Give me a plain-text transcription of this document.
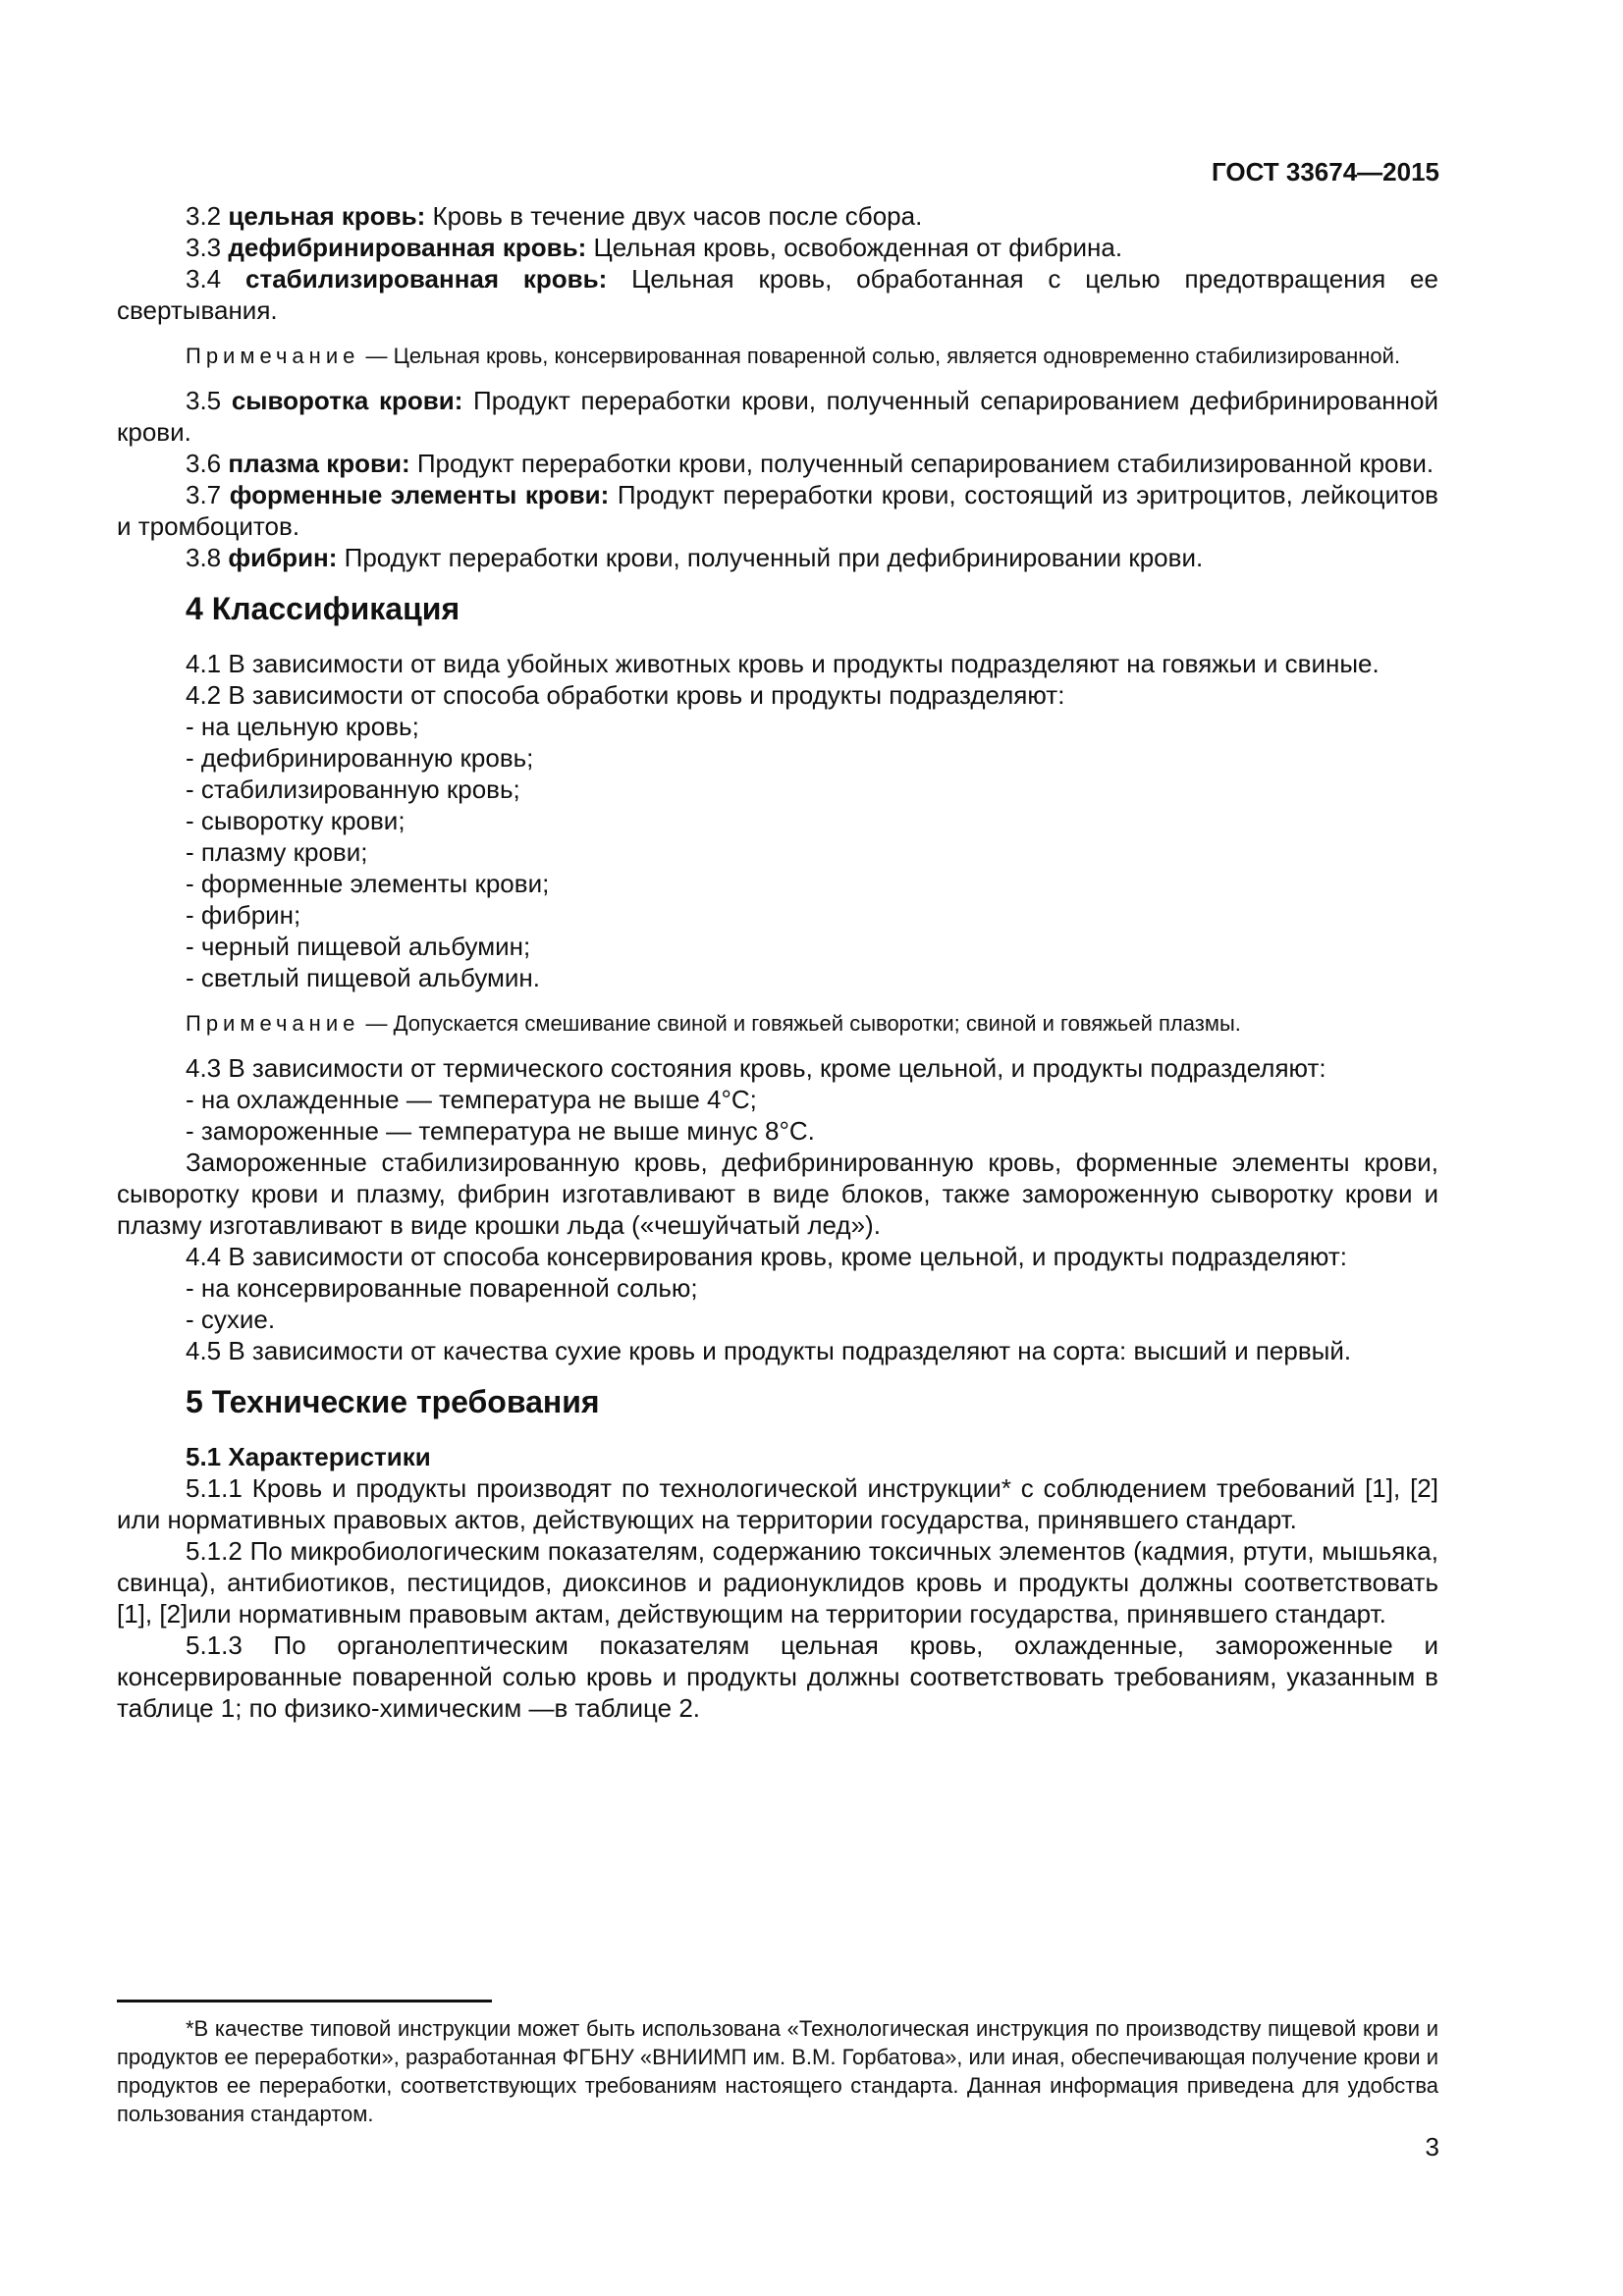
ГОСТ 33674—2015

3.2 цельная кровь: Кровь в течение двух часов после сбора.

3.3 дефибринированная кровь: Цельная кровь, освобожденная от фибрина.

3.4 стабилизированная кровь: Цельная кровь, обработанная с целью предотвращения ее свертывания.

Примечание — Цельная кровь, консервированная поваренной солью, является одновременно стабилизированной.

3.5 сыворотка крови: Продукт переработки крови, полученный сепарированием дефибринированной крови.

3.6 плазма крови: Продукт переработки крови, полученный сепарированием стабилизированной крови.

3.7 форменные элементы крови: Продукт переработки крови, состоящий из эритроцитов, лейкоцитов и тромбоцитов.

3.8 фибрин: Продукт переработки крови, полученный при дефибринировании крови.

4 Классификация

4.1 В зависимости от вида убойных животных кровь и продукты подразделяют на говяжьи и свиные.

4.2 В зависимости от способа обработки кровь и продукты подразделяют:

- на цельную кровь;

- дефибринированную кровь;

- стабилизированную кровь;

- сыворотку крови;

- плазму крови;

- форменные элементы крови;

- фибрин;

- черный пищевой альбумин;

- светлый пищевой альбумин.

Примечание — Допускается смешивание свиной и говяжьей сыворотки; свиной и говяжьей плазмы.

4.3 В зависимости от термического состояния кровь, кроме цельной, и продукты подразделяют:

- на охлажденные — температура не выше 4°С;

- замороженные — температура не выше минус 8°С.

Замороженные стабилизированную кровь, дефибринированную кровь, форменные элементы крови, сыворотку крови и плазму, фибрин изготавливают в виде блоков, также замороженную сыворотку крови и плазму изготавливают в виде крошки льда («чешуйчатый лед»).

4.4 В зависимости от способа консервирования кровь, кроме цельной, и продукты подразделяют:

- на консервированные поваренной солью;

- сухие.

4.5 В зависимости от качества сухие кровь и продукты подразделяют на сорта: высший и первый.

5 Технические требования
5.1 Характеристики

5.1.1 Кровь и продукты производят по технологической инструкции* с соблюдением требований [1], [2] или нормативных правовых актов, действующих на территории государства, принявшего стандарт.

5.1.2 По микробиологическим показателям, содержанию токсичных элементов (кадмия, ртути, мышьяка, свинца), антибиотиков, пестицидов, диоксинов и радионуклидов кровь и продукты должны соответствовать [1], [2]или нормативным правовым актам, действующим на территории государства, принявшего стандарт.

5.1.3 По органолептическим показателям цельная кровь, охлажденные, замороженные и консервированные поваренной солью кровь и продукты должны соответствовать требованиям, указанным в таблице 1; по физико-химическим —в таблице 2.

*В качестве типовой инструкции может быть использована «Технологическая инструкция по производству пищевой крови и продуктов ее переработки», разработанная ФГБНУ «ВНИИМП им. В.М. Горбатова», или иная, обеспечивающая получение крови и продуктов ее переработки, соответствующих требованиям настоящего стандарта. Данная информация приведена для удобства пользования стандартом.
3
